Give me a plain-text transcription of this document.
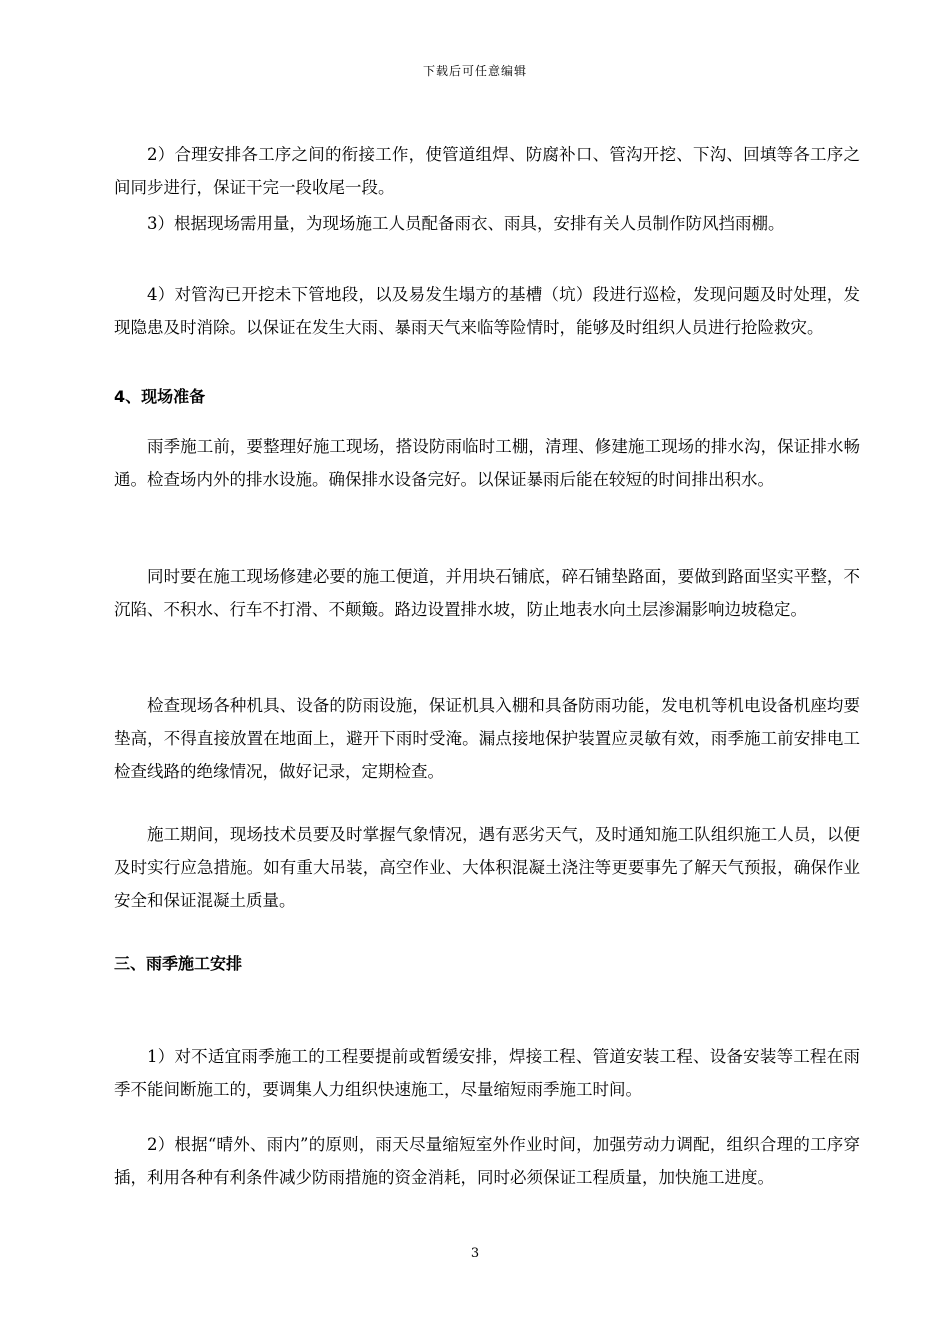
下载后可任意编辑

2）合理安排各工序之间的衔接工作，使管道组焊、防腐补口、管沟开挖、下沟、回填等各工序之间同步进行，保证干完一段收尾一段。

3）根据现场需用量，为现场施工人员配备雨衣、雨具，安排有关人员制作防风挡雨棚。

4）对管沟已开挖未下管地段，以及易发生塌方的基槽（坑）段进行巡检，发现问题及时处理，发现隐患及时消除。以保证在发生大雨、暴雨天气来临等险情时，能够及时组织人员进行抢险救灾。

4、现场准备

雨季施工前，要整理好施工现场，搭设防雨临时工棚，清理、修建施工现场的排水沟，保证排水畅通。检查场内外的排水设施。确保排水设备完好。以保证暴雨后能在较短的时间排出积水。

同时要在施工现场修建必要的施工便道，并用块石铺底，碎石铺垫路面，要做到路面坚实平整，不沉陷、不积水、行车不打滑、不颠簸。路边设置排水坡，防止地表水向土层渗漏影响边坡稳定。

检查现场各种机具、设备的防雨设施，保证机具入棚和具备防雨功能，发电机等机电设备机座均要垫高，不得直接放置在地面上，避开下雨时受淹。漏点接地保护装置应灵敏有效，雨季施工前安排电工检查线路的绝缘情况，做好记录，定期检查。

施工期间，现场技术员要及时掌握气象情况，遇有恶劣天气，及时通知施工队组织施工人员，以便及时实行应急措施。如有重大吊装，高空作业、大体积混凝土浇注等更要事先了解天气预报，确保作业安全和保证混凝土质量。

三、雨季施工安排

1）对不适宜雨季施工的工程要提前或暂缓安排，焊接工程、管道安装工程、设备安装等工程在雨季不能间断施工的，要调集人力组织快速施工，尽量缩短雨季施工时间。

2）根据“晴外、雨内”的原则，雨天尽量缩短室外作业时间，加强劳动力调配，组织合理的工序穿插，利用各种有利条件减少防雨措施的资金消耗，同时必须保证工程质量，加快施工进度。

3
